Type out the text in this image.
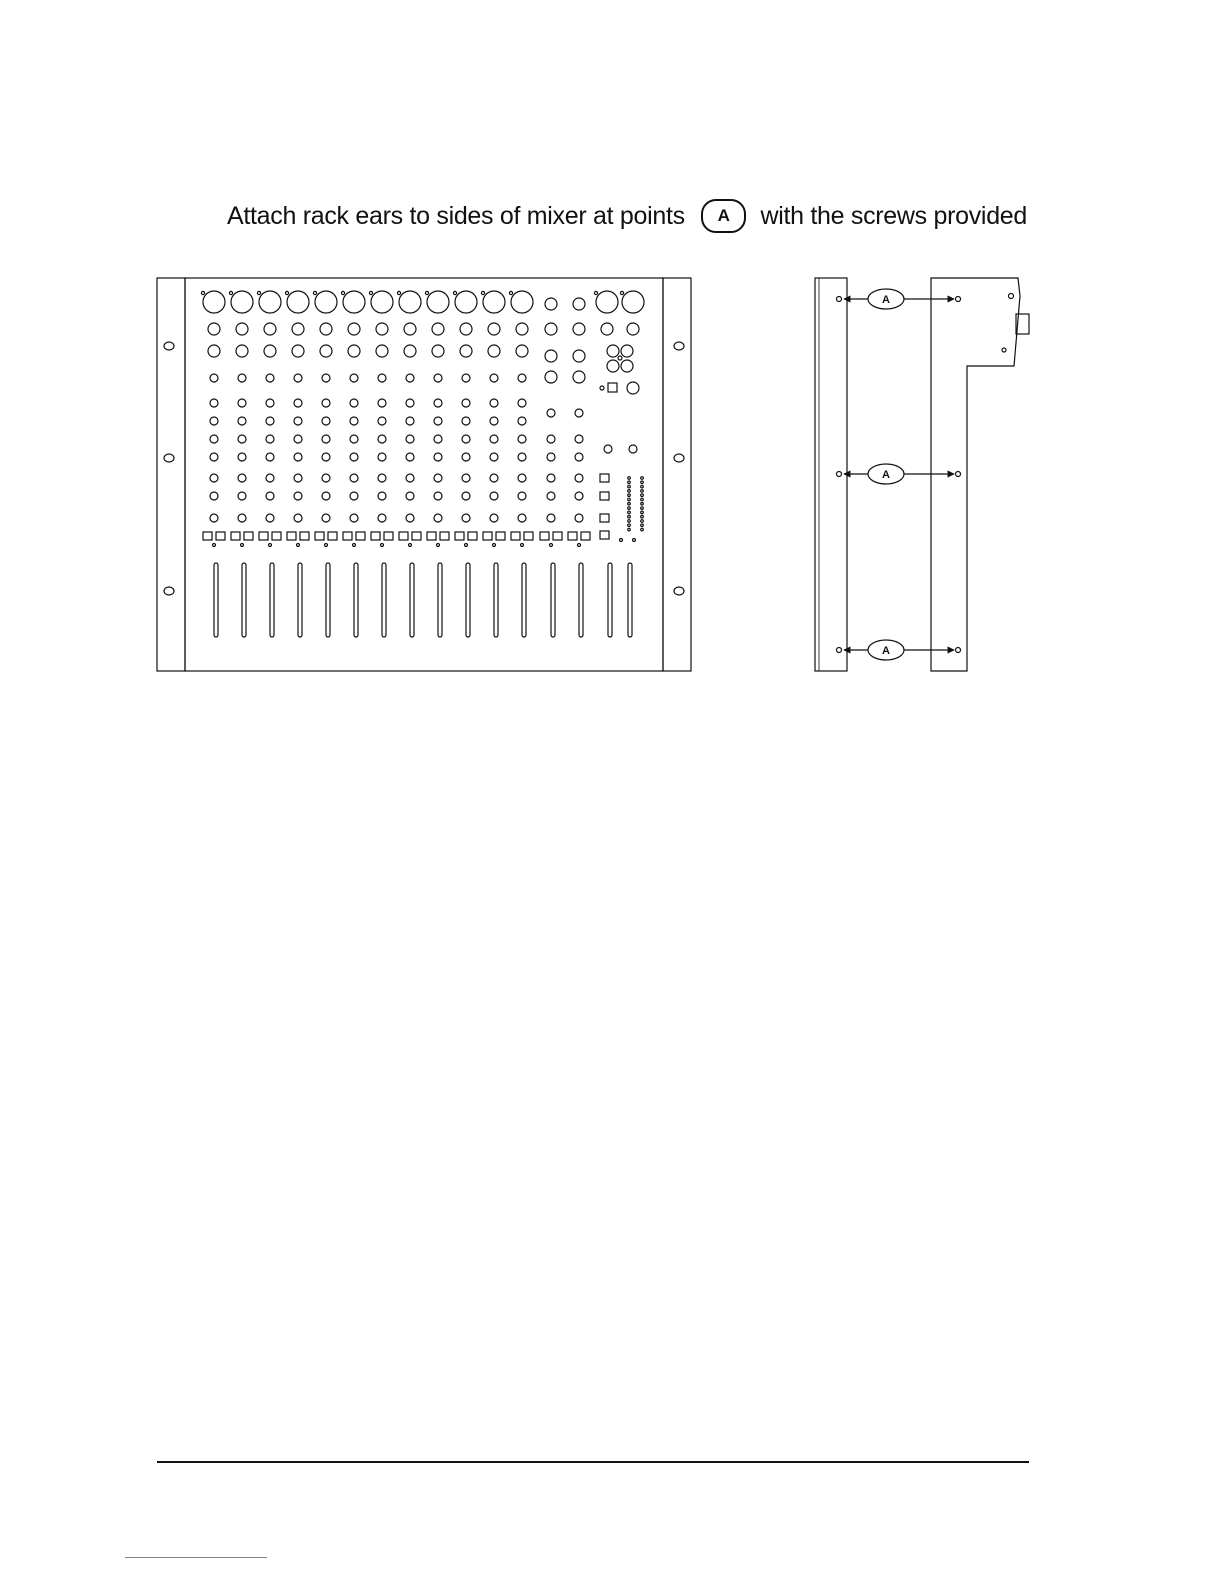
Attach rack ears to sides of mixer at points	A	with the screws provided
A
A
A
